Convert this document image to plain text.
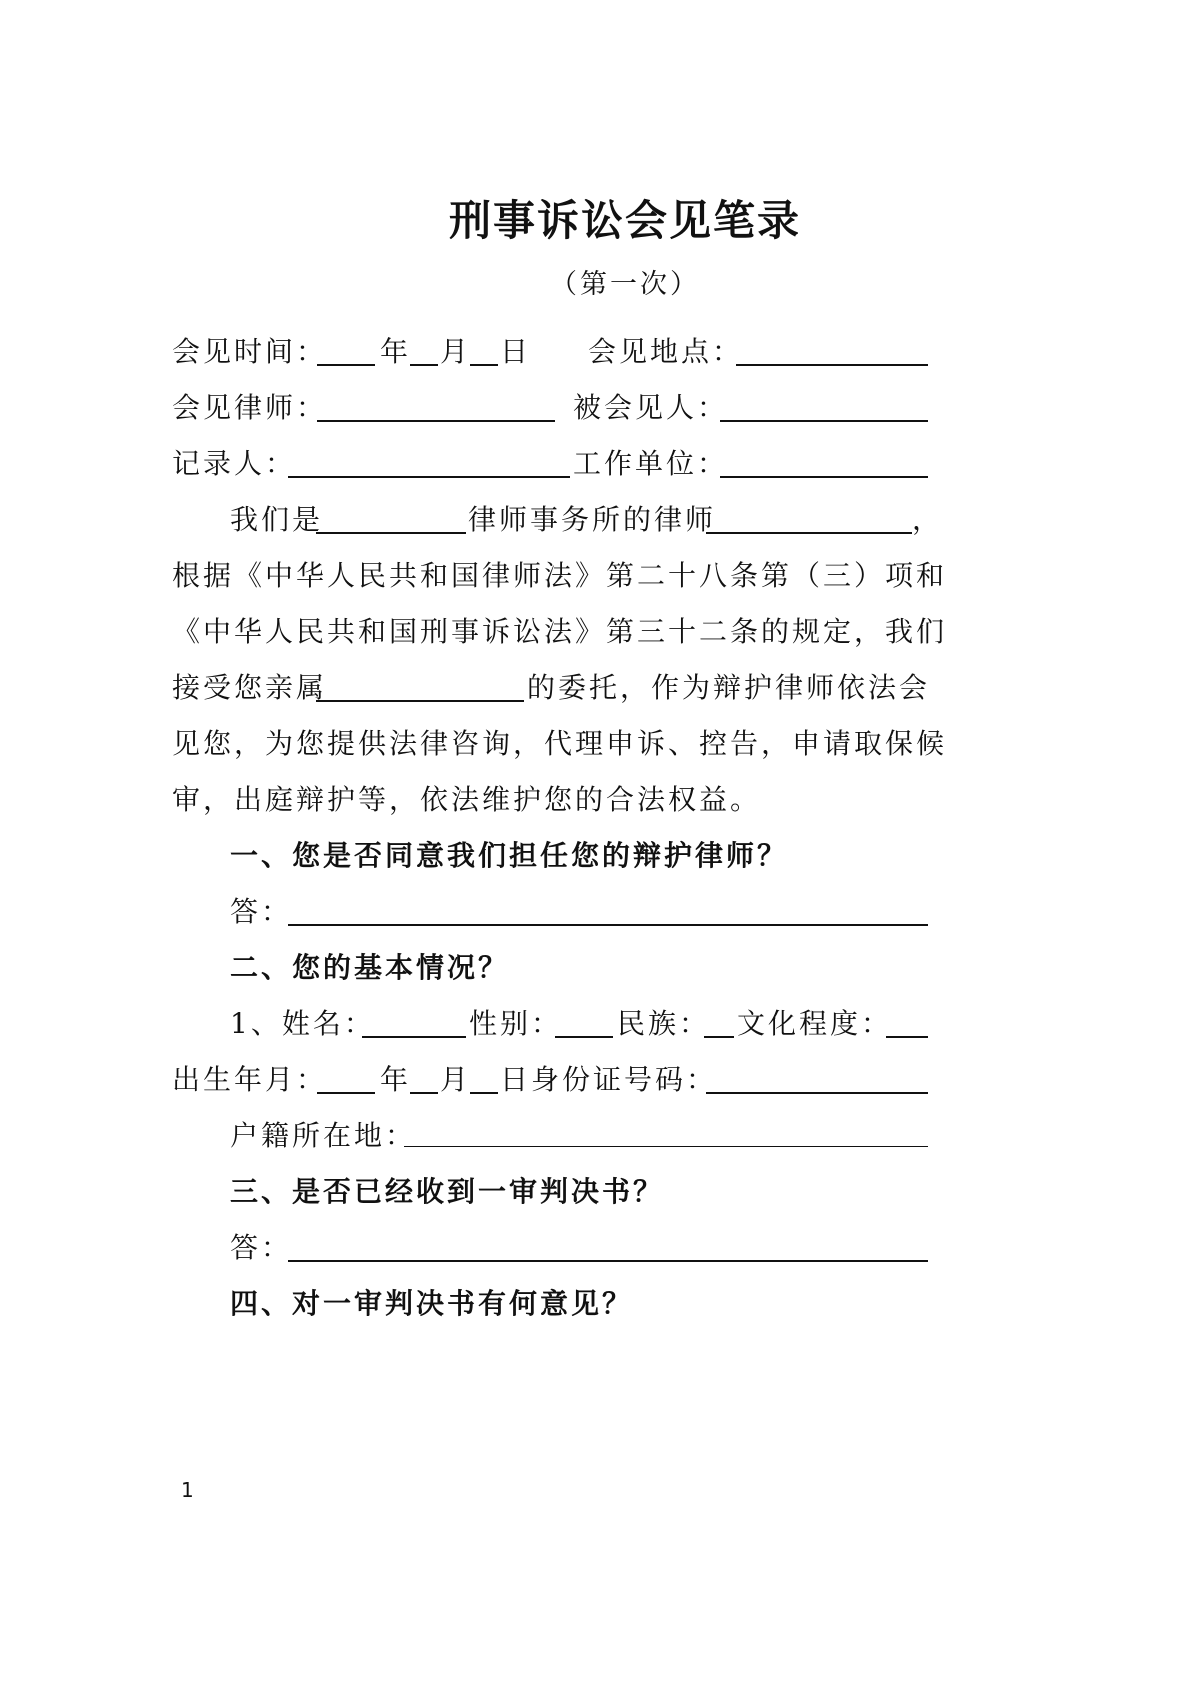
刑事诉讼会见笔录
（第一次）
会见时间： 年 月 日 会见地点：
会见律师：	被会见人：
记录人：	工作单位：
我们是	律师事务所的律师	，
根据《中华人民共和国律师法》第二十八条第（三）项和
《中华人民共和国刑事诉讼法》第三十二条的规定，我们
接受您亲属	的委托，作为辩护律师依法会
见您，为您提供法律咨询，代理申诉、控告，申请取保候
审，出庭辩护等，依法维护您的合法权益。
一、您是否同意我们担任您的辩护律师？
答：
二、您的基本情况？
1、姓名：	性别： 民族： 文化程度：
出生年月： 年 月 日身份证号码：
户籍所在地：
三、是否已经收到一审判决书？
答：
四、对一审判决书有何意见？
1
